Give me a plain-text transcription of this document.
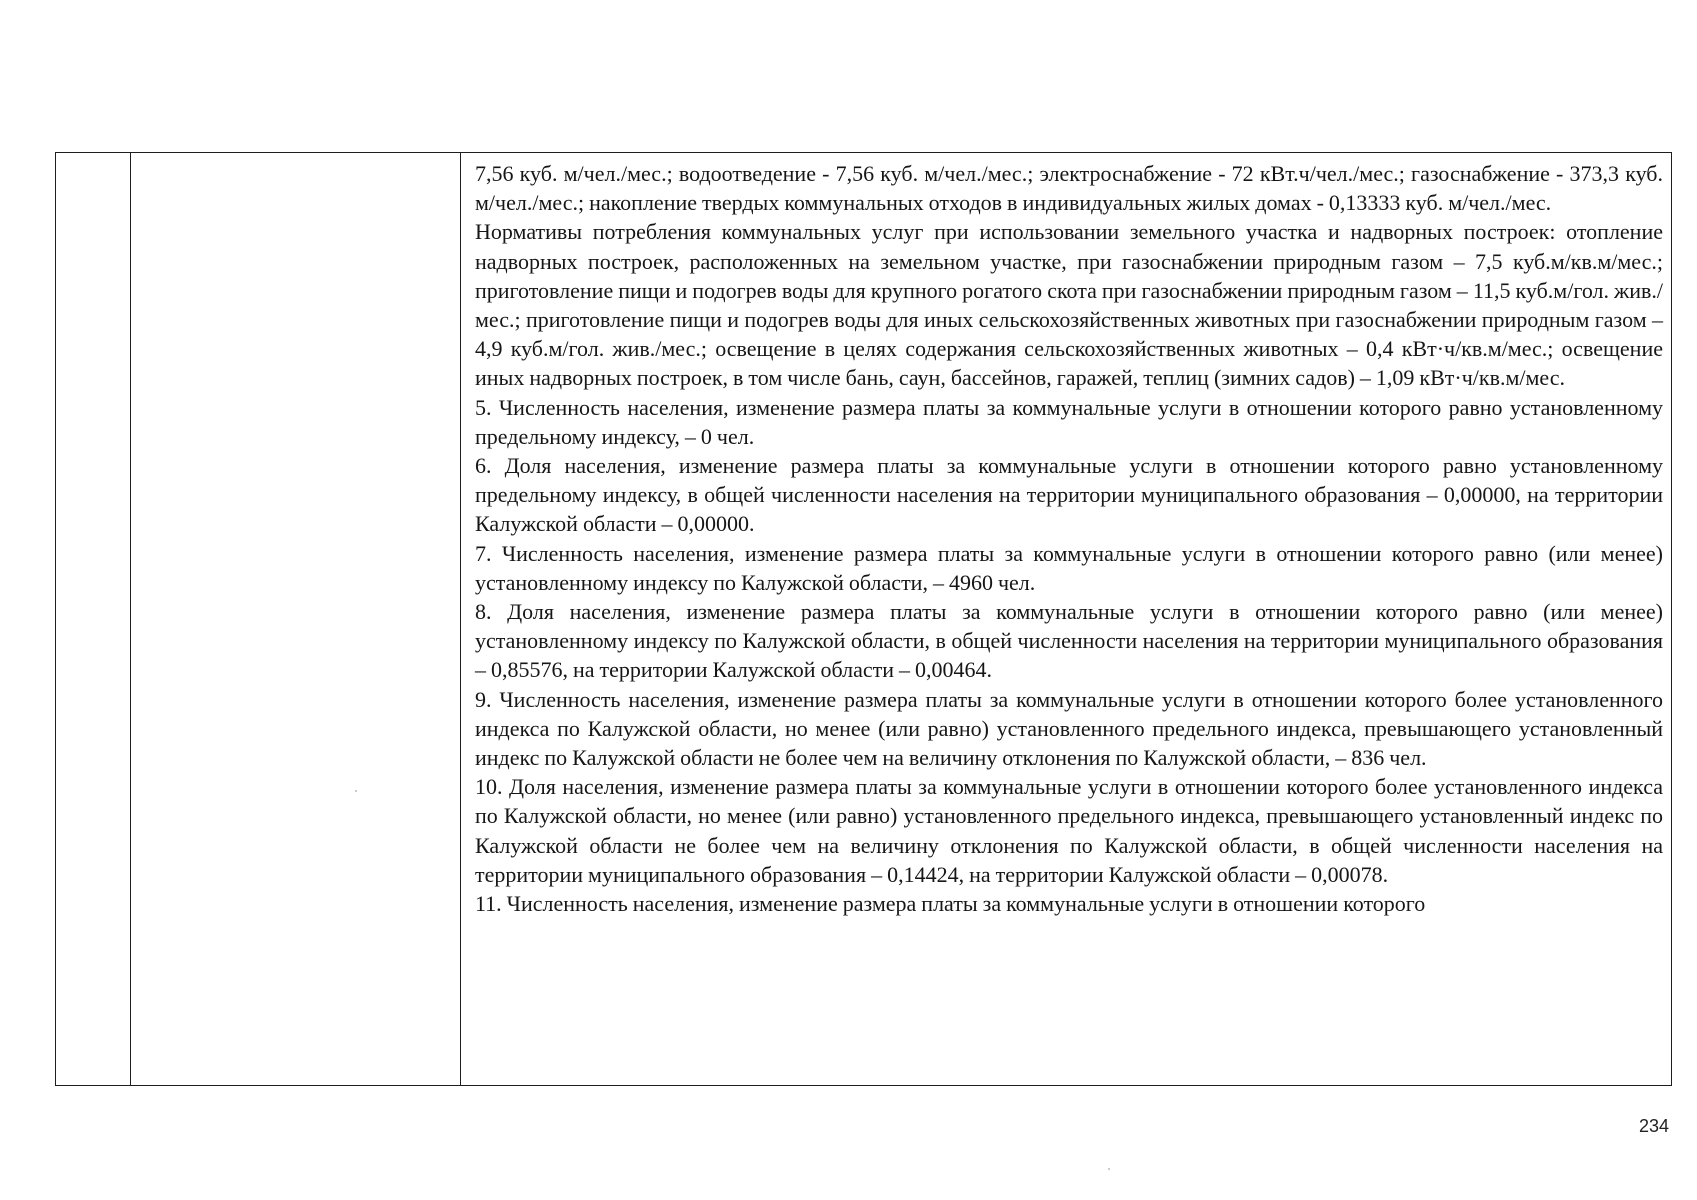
7,56 куб. м/чел./мес.; водоотведение - 7,56 куб. м/чел./мес.; электроснабжение - 72 кВт.ч/чел./мес.; газоснабжение - 373,3 куб. м/чел./мес.; накопление твердых коммунальных отходов в индивидуальных жилых домах - 0,13333 куб. м/чел./мес.

Нормативы потребления коммунальных услуг при использовании земельного участка и надворных построек: отопление надворных построек, расположенных на земельном участке, при газоснабжении природным газом – 7,5 куб.м/кв.м/мес.; приготовление пищи и подогрев воды для крупного рогатого скота при газоснабжении природным газом – 11,5 куб.м/гол. жив./мес.; приготовление пищи и подогрев воды для иных сельскохозяйственных животных при газоснабжении природным газом – 4,9 куб.м/гол. жив./мес.; освещение в целях содержания сельскохозяйственных животных – 0,4 кВт·ч/кв.м/мес.; освещение иных надворных построек, в том числе бань, саун, бассейнов, гаражей, теплиц (зимних садов) – 1,09 кВт·ч/кв.м/мес.

5. Численность населения, изменение размера платы за коммунальные услуги в отношении которого равно установленному предельному индексу, – 0 чел.

6. Доля населения, изменение размера платы за коммунальные услуги в отношении которого равно установленному предельному индексу, в общей численности населения на территории муниципального образования – 0,00000, на территории Калужской области – 0,00000.

7. Численность населения, изменение размера платы за коммунальные услуги в отношении которого равно (или менее) установленному индексу по Калужской области, – 4960 чел.

8. Доля населения, изменение размера платы за коммунальные услуги в отношении которого равно (или менее) установленному индексу по Калужской области, в общей численности населения на территории муниципального образования – 0,85576, на территории Калужской области – 0,00464.

9. Численность населения, изменение размера платы за коммунальные услуги в отношении которого более установленного индекса по Калужской области, но менее (или равно) установленного предельного индекса, превышающего установленный индекс по Калужской области не более чем на величину отклонения по Калужской области, – 836 чел.

10. Доля населения, изменение размера платы за коммунальные услуги в отношении которого более установленного индекса по Калужской области, но менее (или равно) установленного предельного индекса, превышающего установленный индекс по Калужской области не более чем на величину отклонения по Калужской области, в общей численности населения на территории муниципального образования – 0,14424, на территории Калужской области – 0,00078.

11. Численность населения, изменение размера платы за коммунальные услуги в отношении которого

234
